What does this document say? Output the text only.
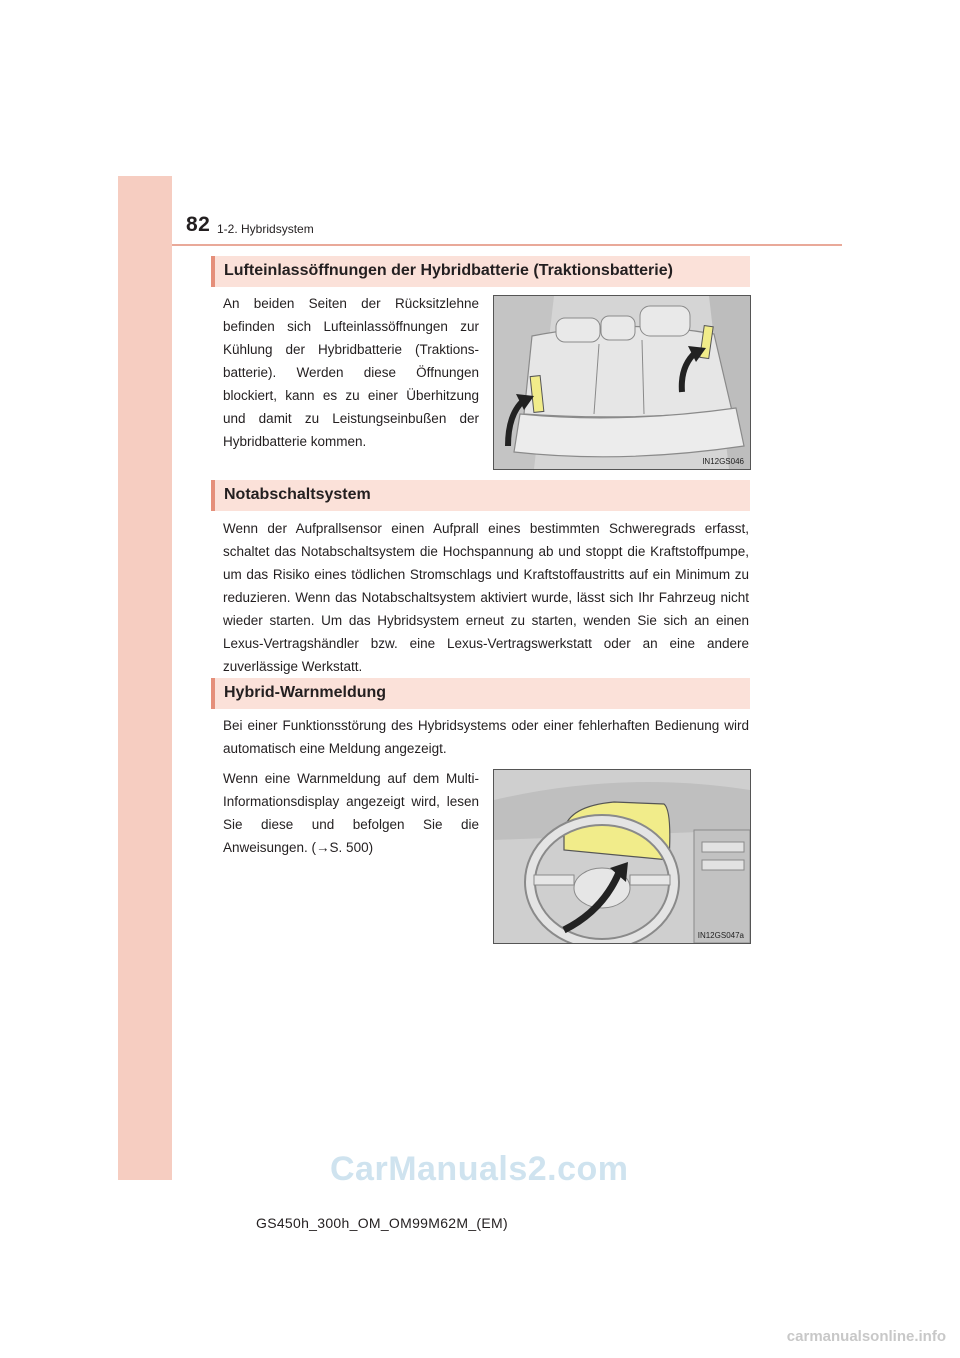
82 1-2. Hybridsystem
Lufteinlassöffnungen der Hybridbatterie (Traktionsbatterie)

An beiden Seiten der Rücksitzlehne befinden sich Lufteinlassöffnungen zur Kühlung der Hybridbatterie (Traktionsbatterie). Werden diese Öffnungen blockiert, kann es zu einer Überhitzung und damit zu Leistungseinbußen der Hybridbatterie kommen.

IN12GS046
Notabschaltsystem

Wenn der Aufprallsensor einen Aufprall eines bestimmten Schweregrads erfasst, schaltet das Notabschaltsystem die Hochspannung ab und stoppt die Kraftstoffpumpe, um das Risiko eines tödlichen Stromschlags und Kraftstoffaustritts auf ein Minimum zu reduzieren. Wenn das Notabschaltsystem aktiviert wurde, lässt sich Ihr Fahrzeug nicht wieder starten. Um das Hybridsystem erneut zu starten, wenden Sie sich an einen Lexus-Vertragshändler bzw. eine Lexus-Vertragswerkstatt oder an eine andere zuverlässige Werkstatt.

Hybrid-Warnmeldung

Bei einer Funktionsstörung des Hybridsystems oder einer fehlerhaften Bedienung wird automatisch eine Meldung angezeigt.

Wenn eine Warnmeldung auf dem Multi-Informationsdisplay angezeigt wird, lesen Sie diese und befolgen Sie die Anweisungen. (→S. 500)

IN12GS047a
CarManuals2.com
GS450h_300h_OM_OM99M62M_(EM)
carmanualsonline.info
